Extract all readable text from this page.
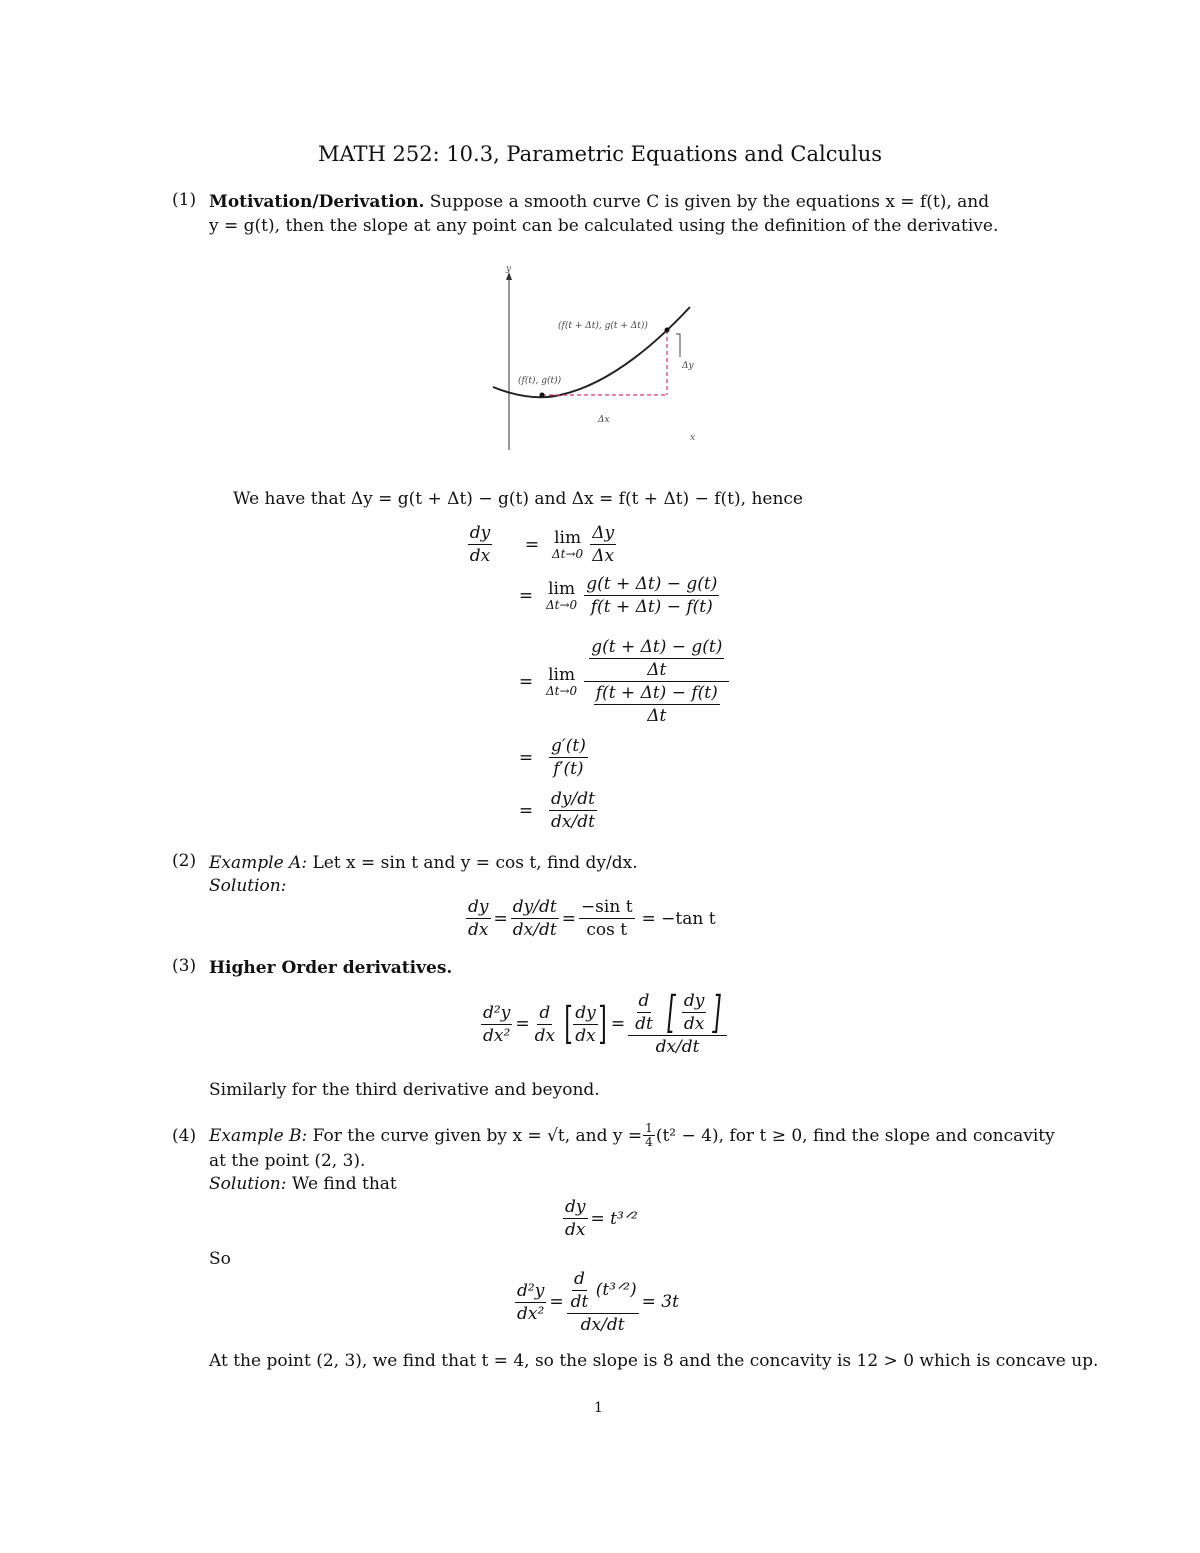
MATH 252: 10.3, Parametric Equations and Calculus
(1) Motivation/Derivation. Suppose a smooth curve C is given by the equations x = f(t), and
y = g(t), then the slope at any point can be calculated using the definition of the derivative.
y
x
(f(t), g(t))
(f(t + Δt), g(t + Δt))
Δy
Δx
We have that Δy = g(t + Δt) − g(t) and Δx = f(t + Δt) − f(t), hence
$\frac{dy}{dx}$	= lim
$\Delta t\to 0 \frac{\Delta y}{\Delta x}$
= lim
$\Delta t\to 0 \frac{g(t + \Delta t) - g(t)}{f(t + \Delta t) - f(t)}$
= lim
$\Delta t\to 0 \frac{\frac{g(t + \Delta t) - g(t)}{\Delta t}}{\frac{f(t + \Delta t) - f(t)}{\Delta t}}$
= $\frac{g'(t)}{f'(t)}$
= $\frac{dy/dt}{dx/dt}$
(2) Example A: Let x = sin t and y = cos t, find dy/dx.
Solution:
$\frac{dy}{dx} = \frac{dy/dt}{dx/dt} = \frac{\text{−sin t}}{\text{cos t}} = -\tan$ t
(3) Higher Order derivatives.
$\frac{\text{d²y}}{\text{dx²}} = \frac{d}{dx}$ [ $\frac{dy}{dx}$ ] = $\frac{\frac{d}{dt} [ \frac{dy}{dx} ]}{dx/dt}$
Similarly for the third derivative and beyond.
(4) Example B:
For the curve given by x = √t, and $y = \frac{1}{4} (t^2 - 4)$, for t ≥ 0, find the slope and concavity
at the point (2, 3).
Solution: We find that
$\frac{dy}{dx}$ = t³ᐟ²
So
$\frac{\text{d²y}}{\text{dx²}} = \frac{\frac{d}{dt} (t^3ᐟ^2)}{dx/dt} = 3t$
At the point (2, 3), we find that t = 4, so the slope is 8 and the concavity is 12 > 0 which is concave up.
1
